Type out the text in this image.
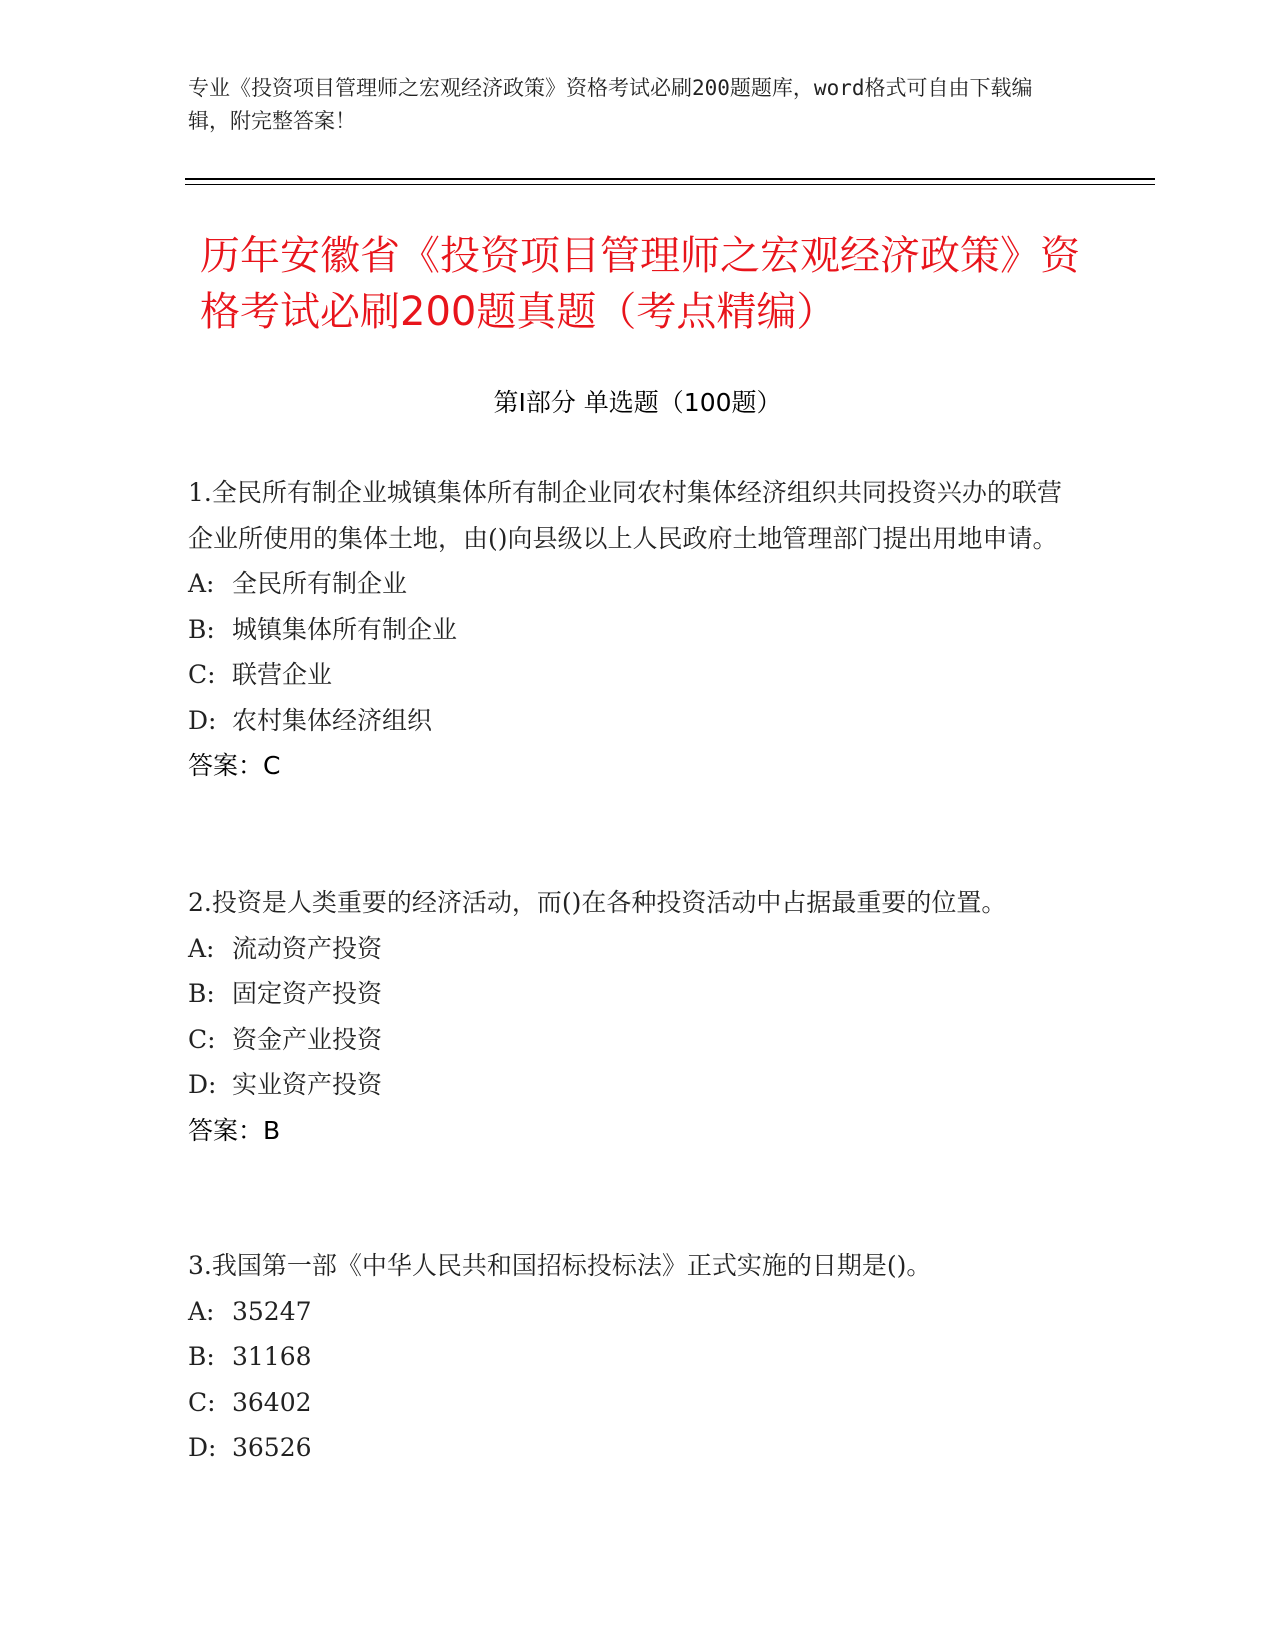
专业《投资项目管理师之宏观经济政策》资格考试必刷200题题库，word格式可自由下载编辑，附完整答案！
历年安徽省《投资项目管理师之宏观经济政策》资格考试必刷200题真题（考点精编）
第Ⅰ部分 单选题（100题）
1.全民所有制企业城镇集体所有制企业同农村集体经济组织共同投资兴办的联营企业所使用的集体土地，由()向县级以上人民政府土地管理部门提出用地申请。
A: 全民所有制企业
B: 城镇集体所有制企业
C: 联营企业
D: 农村集体经济组织
答案：C
2.投资是人类重要的经济活动，而()在各种投资活动中占据最重要的位置。
A: 流动资产投资
B: 固定资产投资
C: 资金产业投资
D: 实业资产投资
答案：B
3.我国第一部《中华人民共和国招标投标法》正式实施的日期是()。
A: 35247
B: 31168
C: 36402
D: 36526
